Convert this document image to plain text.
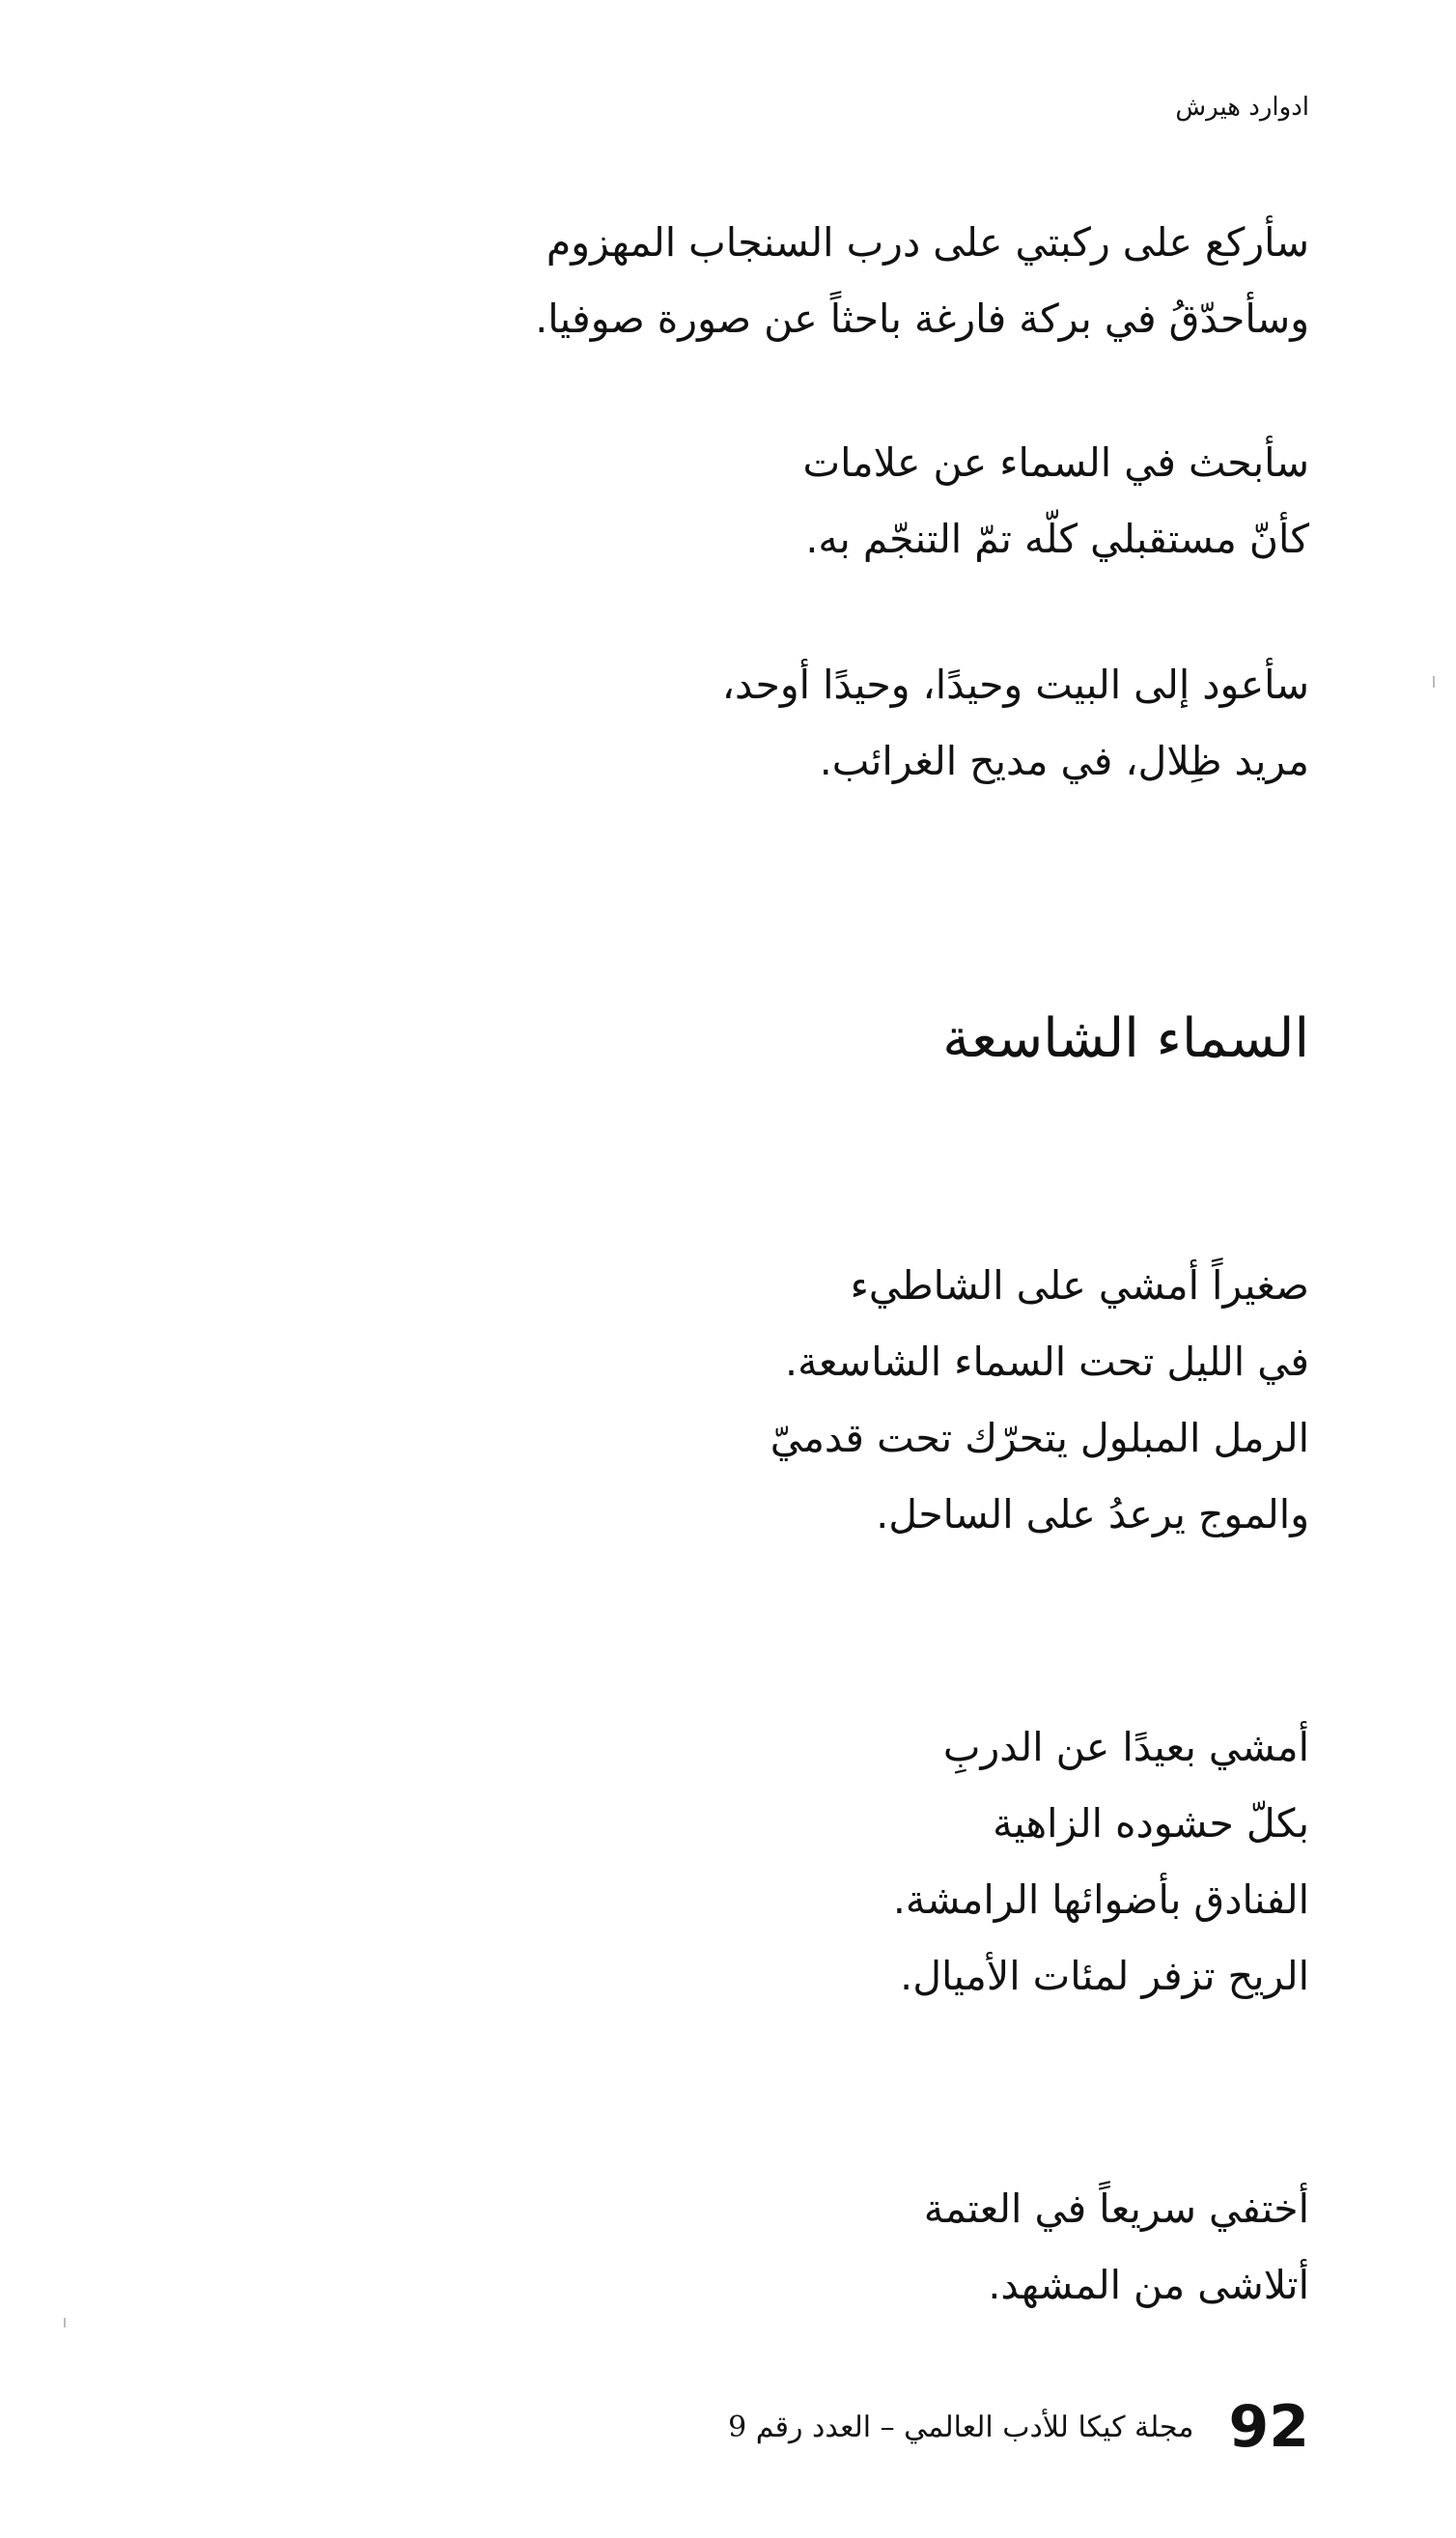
ادوارد هيرش
سأركع على ركبتي على درب السنجاب المهزوم
وسأحدّقُ في بركة فارغة باحثاً عن صورة صوفيا.
سأبحث في السماء عن علامات
كأنّ مستقبلي كلّه تمّ التنجّم به.
سأعود إلى البيت وحيدًا، وحيدًا أوحد،
مريد ظِلال، في مديح الغرائب.
السماء الشاسعة
صغيراً أمشي على الشاطيء
في الليل تحت السماء الشاسعة.
الرمل المبلول يتحرّك تحت قدميّ
والموج يرعدُ على الساحل.
أمشي بعيدًا عن الدربِ
بكلّ حشوده الزاهية
الفنادق بأضوائها الرامشة.
الريح تزفر لمئات الأميال.
أختفي سريعاً في العتمة
أتلاشى من المشهد.
92
مجلة كيكا للأدب العالمي – العدد رقم 9
